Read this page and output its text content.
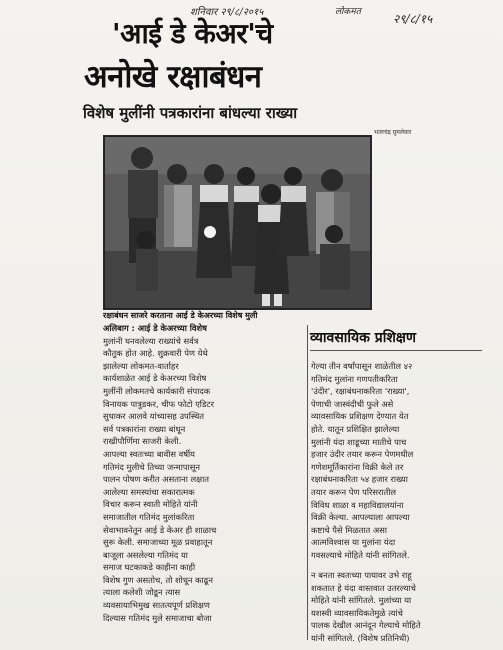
शनिवार २९/८/२०१५	लोकमत	२९/८/१५
'आई डे केअर'चे
अनोखे रक्षाबंधन
विशेष मुलींनी पत्रकारांना बांधल्या राख्या
भालचंद्र घुमलेवार
रक्षाबंधन साजरे करताना आई डे केअरच्या विशेष मुली

अलिबाग : आई डे केअरच्या विशेष
मुलांनी घनवलेल्या राख्यांचे सर्वत्र
कौतुक होत आहे. शुक्रवारी पेण येथे
झालेल्या लोकमत-वार्ताहर
कार्यशाळेत आई डे केअरच्या विशेष
मुलींनी लोकमतचे कार्यकारी संपादक
विनायक पात्रुडकर, चीफ फोटो एडिटर
सुधाकर आलवे यांच्यासह उपस्थित
सर्व पत्रकारांना राख्या बांधून
राखीपौर्णिमा साजरी केली.

आपल्या स्वतःच्या बावीस वर्षीय
गतिमंद मुलीचे तिच्या जन्मापासून
पालन पोषण करीत असताना लक्षात
आलेल्या समस्यांचा सकारात्मक
विचार करून स्वाती मोहिते यांनी
समाजातील गतिमंद मुलांकरिता
सेवाभावनेतून आई डे केअर ही शाळाच
सुरू केली. समाजाच्या मूळ प्रवाहातून
बाजूला असलेल्या गतिमंद या
समाज घटकाकडे काहीना काही
विशेष गुण असतोच, तो शोधून काढून
त्याला कलेशी जोडून त्यास
व्यवसायाभिमुख सातत्यपूर्ण प्रशिक्षण
दिल्यास गतिमंद मुले समाजाचा बोजा

व्यावसायिक प्रशिक्षण

गेल्या तीन वर्षांपासून शाळेतील ४२
गतिमंद मुलांना गणपतीकरिता
'उंदीर', रक्षाबंधनाकरिता 'राख्या',
पेणाची जास्वंदीची फुले असे
व्यावसायिक प्रशिक्षण देण्यात येत
होते. यातून प्रशिक्षित झालेल्या
मुलांनी यंदा शाडूच्या मातीचे पाच
हजार उंदीर तयार करून पेणमधील
गणेशमूर्तिकारांना विक्री केले तर
रक्षाबंधनाकरिता ५४ हजार राख्या
तयार करून पेण परिसरातील
विविध शाळा व महाविद्यालयांना
विक्री केल्या. आपल्याला आपल्या
कष्टाचे पैसे मिळतात असा
आत्मविश्वास या मुलांना यंदा
गवसल्याचे मोहिते यांनी सांगितले.

न बनता स्वतःच्या पायावर उभे राहू
शकतात हे यंदा वास्तवात उतरल्याचे
मोहिते यांनी सांगितले. मुलांच्या या
यशस्वी व्यावसायिकतेमुळे त्यांचे
पालक देखील आनंदून गेल्याचे मोहिते
यांनी सांगितले. (विशेष प्रतिनिधी)
